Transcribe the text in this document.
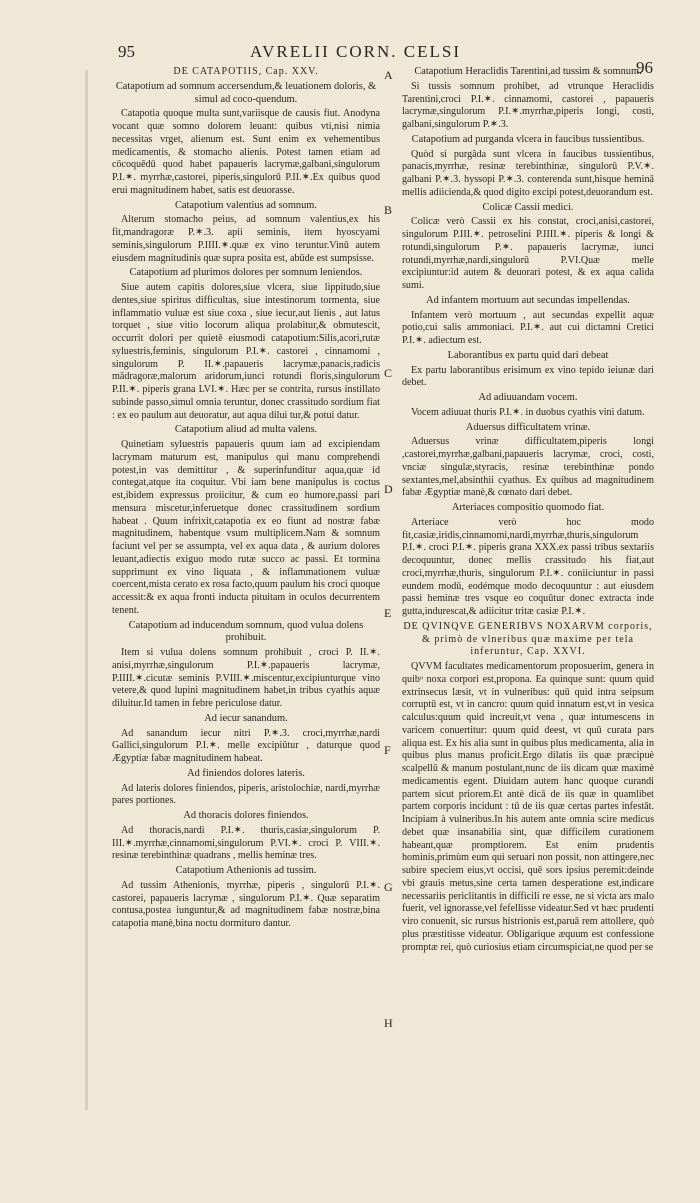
95	AVRELII CORN. CELSI
96
DE CATAPOTIIS, Cap. XXV.
Catapotium ad somnum accersendum,& leuationem doloris, & simul ad coco-quendum.

Catapotia quoque multa sunt,variisque de causis fiut. Anodyna vocant quæ somno dolorem leuant: quibus vti,nisi nimia necessitas vrget, alienum est. Sunt enim ex vehementibus medicamentis, & stomacho alienis. Potest tamen etiam ad cōcoquēdū quod habet papaueris lacrymæ,galbani,singulorum P.I.✶. myrrhæ,castorei, piperis,singulorū P.II.✶.Ex quibus quod erui magnitudinem habet, satis est deuorasse.

Catapotium valentius ad somnum.

Alterum stomacho peius, ad somnum valentius,ex his fit,mandragoræ P.✶.3. apii seminis, item hyoscyami seminis,singulorum P.IIII.✶.quæ ex vino teruntur.Vinū autem eiusdem magnitudinis quæ supra posita est, abūde est sumpsisse.

Catapotium ad plurimos dolores per somnum leniendos.

Siue autem capitis dolores,siue vlcera, siue lippitudo,siue dentes,siue spiritus difficultas, siue intestinorum tormenta, siue inflammatio vuluæ est siue coxa , siue iecur,aut lienis , aut latus torquet , siue vitio locorum aliqua prolabitur,& obmutescit, occurrit dolori per quietē eiusmodi catapotium:Silis,acori,rutæ syluestris,feminis, singulorum P.I.✶. castorei , cinnamomi , singulorum P. II.✶.papaueris lacrymæ,panacis,radicis mādragoræ,malorum aridorum,iunci rotundi floris,singulorum P.II.✶. piperis grana LVI.✶. Hæc per se contrita, rursus instillato subinde passo,simul omnia teruntur, donec crassitudo sordium fiat : ex eo paulum aut deuoratur, aut aqua dilui tur,& potui datur.

Catapotium aliud ad multa valens.

Quinetiam syluestris papaueris quum iam ad excipiendam lacrymam maturum est, manipulus qui manu comprehendi potest,in vas demittitur , & superinfunditur aqua,quæ id contegat,atque ita coquitur. Vbi iam bene manipulus is coctus est,ibidem expressus proiicitur, & cum eo humore,passi pari mensura miscetur,inferuetque donec crassitudinem sordium habeat . Quum infrixit,catapotia ex eo fiunt ad nostræ fabæ magnitudinem, habentque vsum multiplicem.Nam & somnum faciunt vel per se assumpta, vel ex aqua data , & aurium dolores leuant,adiectis exiguo modo rutæ succo ac passi. Et tormina supprimunt ex vino liquata , & inflammationem vuluæ coercent,mista cerato ex rosa facto,quum paulum his croci quoque accessit:& ex aqua fronti inducta pituitam in oculos decurrentem tenent.

Catapotium ad inducendum somnum, quod vulua dolens prohibuit.

Item si vulua dolens somnum prohibuit , croci P. II.✶. anisi,myrrhæ,singulorum P.I.✶.papaueris lacrymæ, P.IIII.✶.cicutæ seminis P.VIII.✶.miscentur,excipiunturque vino vetere,& quod lupini magnitudinem habet,in tribus cyathis aquæ diluitur.Id tamen in febre periculose datur.

Ad iecur sanandum.

Ad sanandum iecur nitri P.✶.3. croci,myrrhæ,nardi Gallici,singulorum P.I.✶. melle excipiūtur , daturque quod Ægyptiæ fabæ magnitudinem habeat.

Ad finiendos dolores lateris.

Ad lateris dolores finiendos, piperis, aristolochiæ, nardi,myrrhæ pares portiones.

Ad thoracis dolores finiendos.

Ad thoracis,nardi P.I.✶. thuris,casiæ,singulorum P. III.✶.myrrhæ,cinnamomi,singulorum P.VI.✶. croci P. VIII.✶. resinæ terebinthinæ quadrans , mellis heminæ tres.

Catapotium Athenionis ad tussim.

Ad tussim Athenionis, myrrhæ, piperis , singulorū P.I.✶. castorei, papaueris lacrymæ , singulorum P.I.✶. Quæ separatim contusa,postea iunguntur,& ad magnitudinem fabæ nostræ,bina catapotia manè,bina noctu dormituro dantur.

Catapotium Heraclidis Tarentini,ad tussim & somnum.

Si tussis somnum prohibet, ad vtrunque Heraclidis Tarentini,croci P.I.✶. cinnamomi, castorei , papaueris lacrymæ,singulorum P.I.✶.myrrhæ,piperis longi, costi, galbani,singulorum P.✶.3.

Catapotium ad purganda vlcera in faucibus tussientibus.

Quòd si purgāda sunt vlcera in faucibus tussientibus, panacis,myrrhæ, resinæ terebinthinæ, singulorū P.V.✶. galbani P.✶.3. hyssopi P.✶.3. conterenda sunt,hisque heminā mellis adiicienda,& quod digito excipi potest,deuorandum est.

Colicæ Cassii medici.

Colicæ verò Cassii ex his constat, croci,anisi,castorei, singulorum P.III.✶. petroselini P.IIII.✶. piperis & longi & rotundi,singulorum P.✶. papaueris lacrymæ, iunci rotundi,myrrhæ,nardi,singulorū P.VI.Quæ melle excipiuntur:id autem & deuorari potest, & ex aqua calida sumi.

Ad infantem mortuum aut secundas impellendas.

Infantem verò mortuum , aut secundas expellit aquæ potio,cui salis ammoniaci. P.I.✶. aut cui dictamni Cretici P.I.✶. adiectum est.

Laborantibus ex partu quid dari debeat

Ex partu laborantibus erisimum ex vino tepido ieiunæ dari debet.

Ad adiuuandam vocem.

Vocem adiuuat thuris P.I.✶. in duobus cyathis vini datum.

Aduersus difficultatem vrinæ.

Aduersus vrinæ difficultatem,piperis longi ,castorei,myrrhæ,galbani,papaueris lacrymæ, croci, costi, vnciæ singulæ,styracis, resinæ terebinthinæ pondo sextantes,mel,absinthii cyathus. Ex quibus ad magnitudinem fabæ Ægyptiæ manè,& cœnato dari debet.

Arteriaces compositio quomodo fiat.

Arteriace verò hoc modo fit,casiæ,iridis,cinnamomi,nardi,myrrhæ,thuris,singulorum P.I.✶. croci P.I.✶. piperis grana XXX.ex passi tribus sextariis decoquuntur, donec mellis crassitudo his fiat,aut croci,myrrhæ,thuris, singulorum P.I.✶. coniiciuntur in passi eundem modū, eodémque modo decoquuntur : aut eiusdem passi heminæ tres vsque eo coquūtur donec extracta inde gutta,indurescat,& adiicitur tritæ casiæ P.I.✶.

DE QVINQVE GENERIBVS NOXARVM corporis, & primò de vlneribus quæ maxime per tela inferuntur, Cap. XXVI.

QVVM facultates medicamentorum proposuerim, genera in quibᵒ noxa corpori est,propona. Ea quinque sunt: quum quid extrinsecus læsit, vt in vulneribus: quū quid intra seipsum corruptū est, vt in cancro: quum quid innatum est,vt in vesica calculus:quum quid increuit,vt vena , quæ intumescens in varicem conuertitur: quum quid deest, vt quū curata pars aliqua est. Ex his alia sunt in quibus plus medicamenta, alia in quibus plus manus proficit.Ergo dilatis iis quæ præcipuè scalpellū & manum postulant,nunc de iis dicam quæ maximè medicamentis egent. Diuidam autem hanc quoque curandi partem sicut priorem.Et antè dicā de iis quæ in quamlibet partem corporis incidunt : tū de iis quæ certas partes infestāt. Incipiam à vulneribus.In his autem ante omnia scire medicus debet quæ insanabilia sint, quæ difficilem curationem habeant,quæ promptiorem. Est enim prudentis hominis,primùm eum qui seruari non possit, non attingere,nec subire speciem eius,vt occisi, quē sors ipsius peremit:deinde vbi grauis metus,sine certa tamen desperatione est,indicare necessariis periclitantis in difficili re esse, ne si victa ars malo fuerit, vel ignorasse,vel fefellisse videatur.Sed vt hæc prudenti viro conuenit, sic rursus histrionis est,paruā rem attollere, quò plus præstitisse videatur. Obligarique æquum est confessione promptæ rei, quò curiosius etiam circumspiciat,ne quod per se

A
B
C
D
E
F
G
H
